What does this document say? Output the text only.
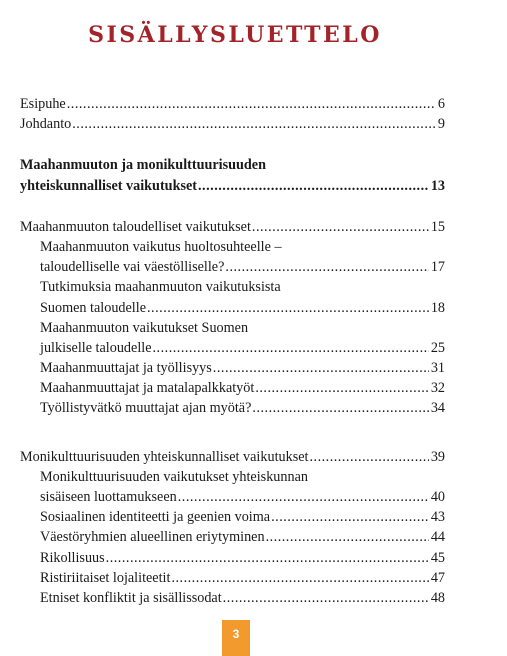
SISÄLLYSLUETTELO
Esipuhe .....	6
Johdanto .....	9
Maahanmuuton ja monikulttuurisuuden
yhteiskunnalliset vaikutukset .....	13
Maahanmuuton taloudelliset vaikutukset .....	15
Maahanmuuton vaikutus huoltosuhteelle –
taloudelliselle vai väestölliselle? .....	17
Tutkimuksia maahanmuuton vaikutuksista
Suomen taloudelle .....	18
Maahanmuuton vaikutukset Suomen
julkiselle taloudelle .....	25
Maahanmuuttajat ja työllisyys .....	31
Maahanmuuttajat ja matalapalkkatyöt .....	32
Työllistyvätkö muuttajat ajan myötä? .....	34
Monikulttuurisuuden yhteiskunnalliset vaikutukset .....	39
Monikulttuurisuuden vaikutukset yhteiskunnan
sisäiseen luottamukseen .....	40
Sosiaalinen identiteetti ja geenien voima .....	43
Väestöryhmien alueellinen eriytyminen .....	44
Rikollisuus .....	45
Ristiriitaiset lojaliteetit .....	47
Etniset konfliktit ja sisällissodat .....	48
3
